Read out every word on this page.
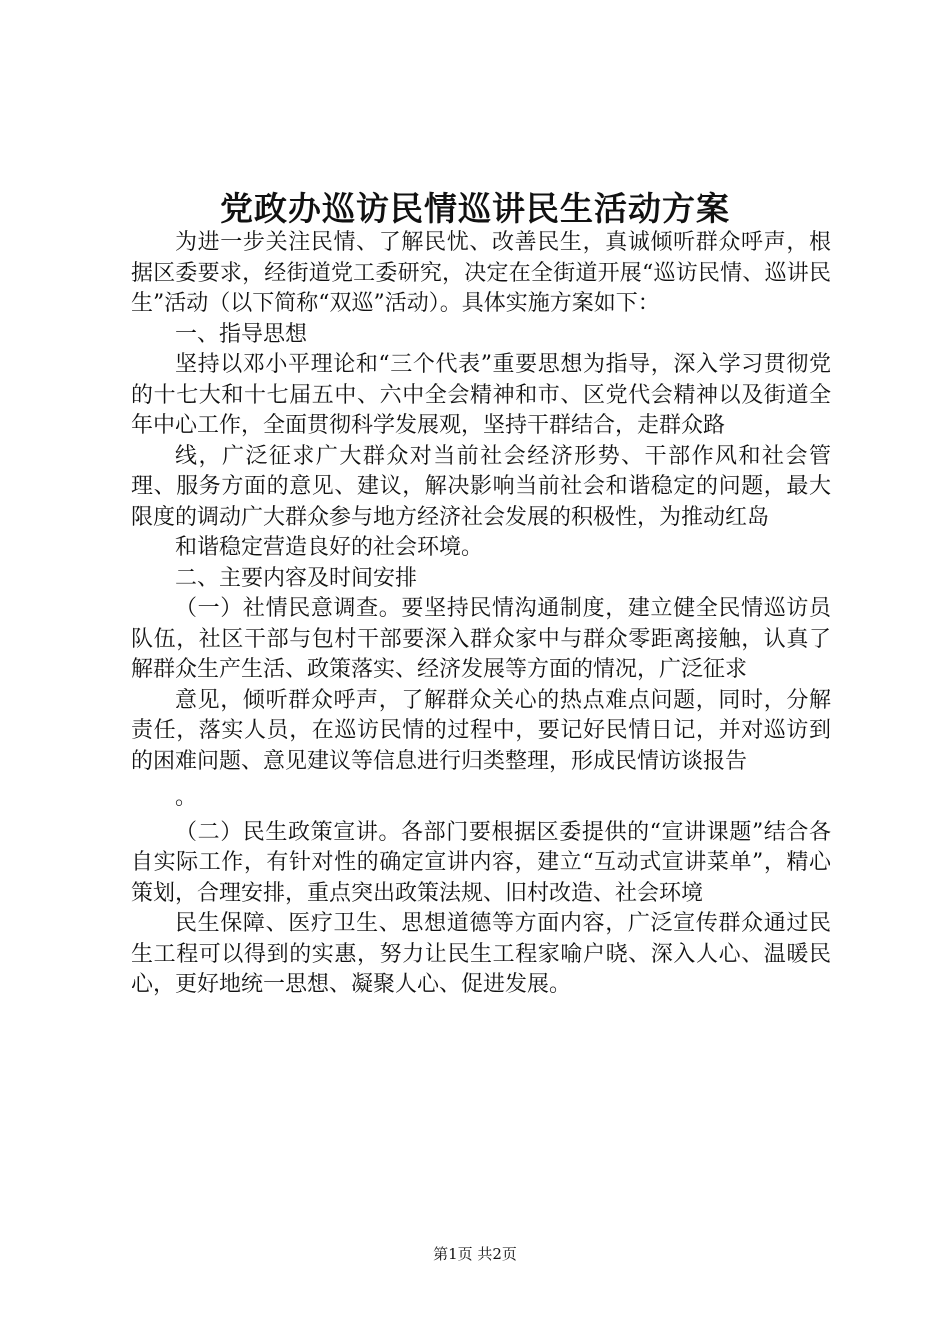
党政办巡访民情巡讲民生活动方案

为进一步关注民情、了解民忧、改善民生，真诚倾听群众呼声，根据区委要求，经街道党工委研究，决定在全街道开展“巡访民情、巡讲民生”活动（以下简称“双巡”活动）。具体实施方案如下：

一、指导思想

坚持以邓小平理论和“三个代表”重要思想为指导，深入学习贯彻党的十七大和十七届五中、六中全会精神和市、区党代会精神以及街道全年中心工作，全面贯彻科学发展观，坚持干群结合，走群众路

线，广泛征求广大群众对当前社会经济形势、干部作风和社会管理、服务方面的意见、建议，解决影响当前社会和谐稳定的问题，最大限度的调动广大群众参与地方经济社会发展的积极性，为推动红岛

和谐稳定营造良好的社会环境。

二、主要内容及时间安排

（一）社情民意调查。要坚持民情沟通制度，建立健全民情巡访员队伍，社区干部与包村干部要深入群众家中与群众零距离接触，认真了解群众生产生活、政策落实、经济发展等方面的情况，广泛征求

意见，倾听群众呼声，了解群众关心的热点难点问题，同时，分解责任，落实人员，在巡访民情的过程中，要记好民情日记，并对巡访到的困难问题、意见建议等信息进行归类整理，形成民情访谈报告

。

（二）民生政策宣讲。各部门要根据区委提供的“宣讲课题”结合各自实际工作，有针对性的确定宣讲内容，建立“互动式宣讲菜单”，精心策划，合理安排，重点突出政策法规、旧村改造、社会环境

民生保障、医疗卫生、思想道德等方面内容，广泛宣传群众通过民生工程可以得到的实惠，努力让民生工程家喻户晓、深入人心、温暖民心，更好地统一思想、凝聚人心、促进发展。

第1页 共2页
